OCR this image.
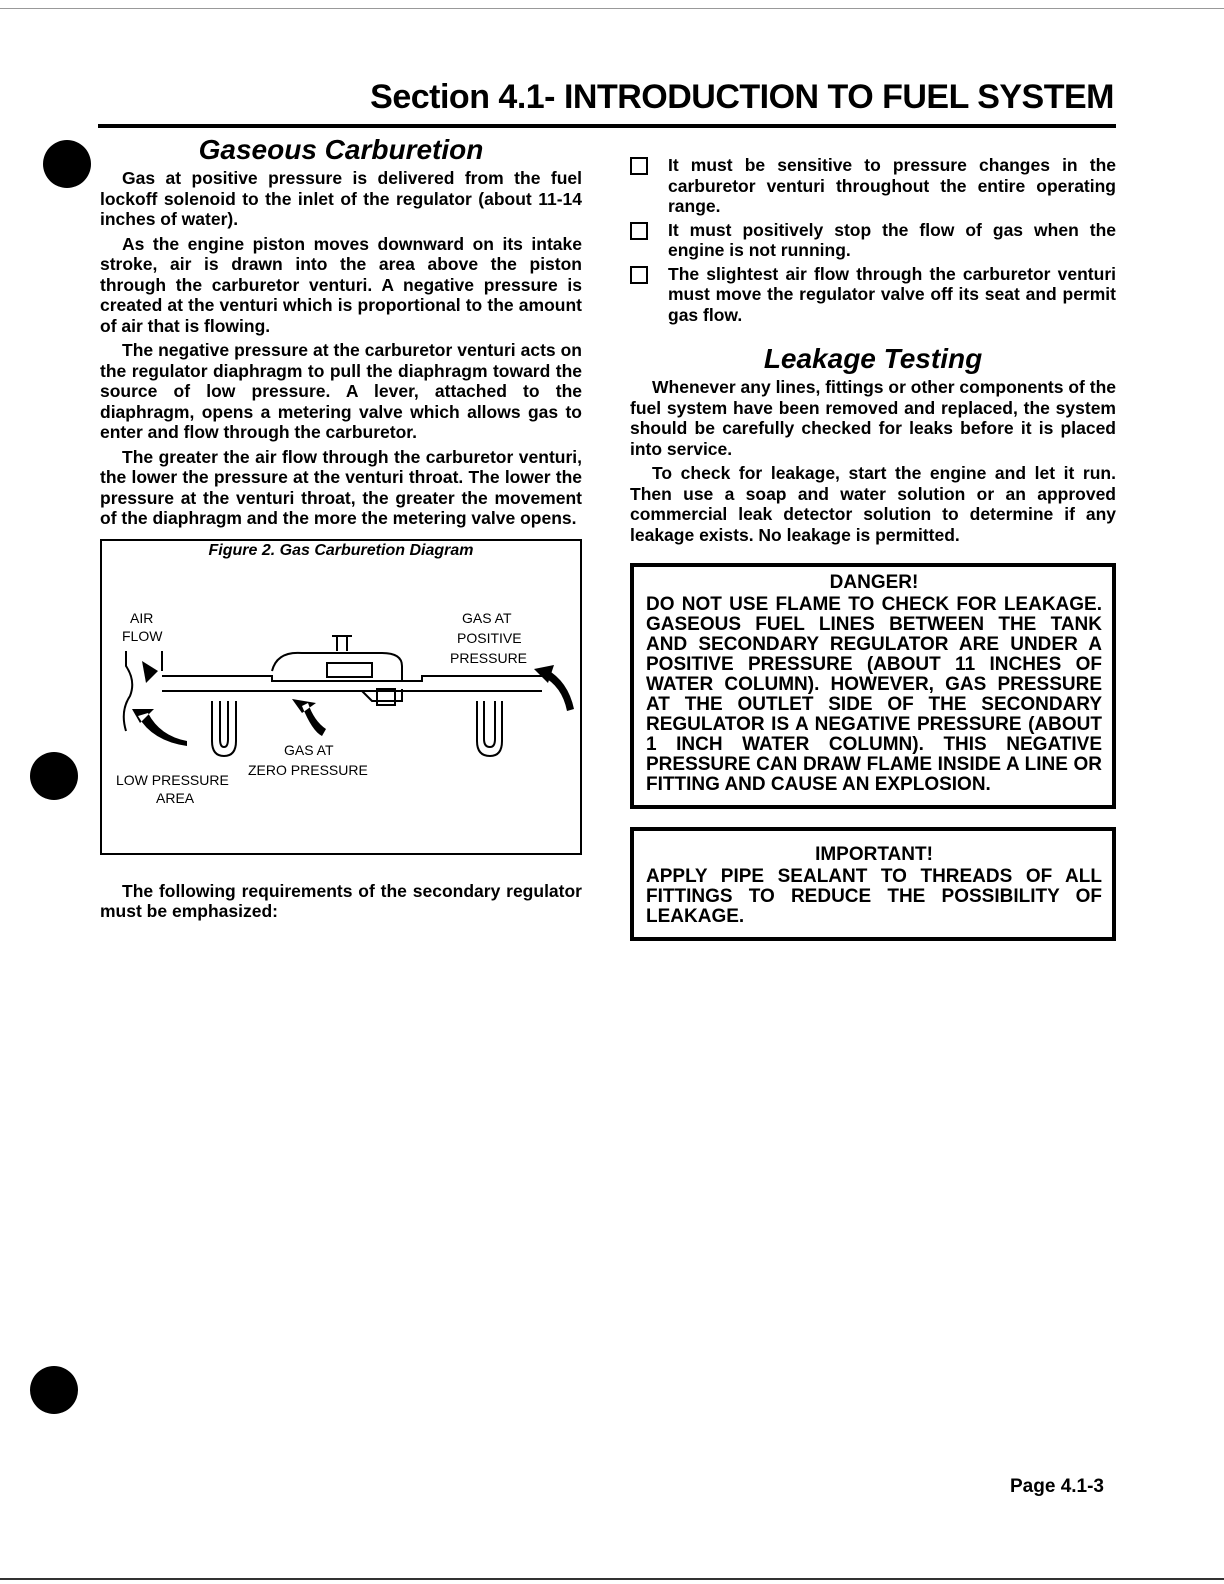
Section 4.1- INTRODUCTION TO FUEL SYSTEM
Gaseous Carburetion

Gas at positive pressure is delivered from the fuel lockoff solenoid to the inlet of the regulator (about 11-14 inches of water).

As the engine piston moves downward on its intake stroke, air is drawn into the area above the piston through the carburetor venturi. A negative pressure is created at the venturi which is proportional to the amount of air that is flowing.

The negative pressure at the carburetor venturi acts on the regulator diaphragm to pull the diaphragm toward the source of low pressure. A lever, attached to the diaphragm, opens a metering valve which allows gas to enter and flow through the carburetor.

The greater the air flow through the carburetor venturi, the lower the pressure at the venturi throat. The lower the pressure at the venturi throat, the greater the movement of the diaphragm and the more the metering valve opens.

Figure 2. Gas Carburetion Diagram
AIR
FLOW
GAS AT
POSITIVE
PRESSURE
GAS AT
ZERO PRESSURE
LOW PRESSURE
AREA

The following requirements of the secondary regulator must be emphasized:

It must be sensitive to pressure changes in the carburetor venturi throughout the entire operating range.
It must positively stop the flow of gas when the engine is not running.
The slightest air flow through the carburetor venturi must move the regulator valve off its seat and permit gas flow.
Leakage Testing

Whenever any lines, fittings or other components of the fuel system have been removed and replaced, the system should be carefully checked for leaks before it is placed into service.

To check for leakage, start the engine and let it run. Then use a soap and water solution or an approved commercial leak detector solution to determine if any leakage exists. No leakage is permitted.

DANGER!
DO NOT USE FLAME TO CHECK FOR LEAKAGE. GASEOUS FUEL LINES BETWEEN THE TANK AND SECONDARY REGULATOR ARE UNDER A POSITIVE PRESSURE (ABOUT 11 INCHES OF WATER COLUMN). HOWEVER, GAS PRESSURE AT THE OUTLET SIDE OF THE SECONDARY REGULATOR IS A NEGATIVE PRESSURE (ABOUT 1 INCH WATER COLUMN). THIS NEGATIVE PRESSURE CAN DRAW FLAME INSIDE A LINE OR FITTING AND CAUSE AN EXPLOSION.
IMPORTANT!
APPLY PIPE SEALANT TO THREADS OF ALL FITTINGS TO REDUCE THE POSSIBILITY OF LEAKAGE.
Page 4.1-3
